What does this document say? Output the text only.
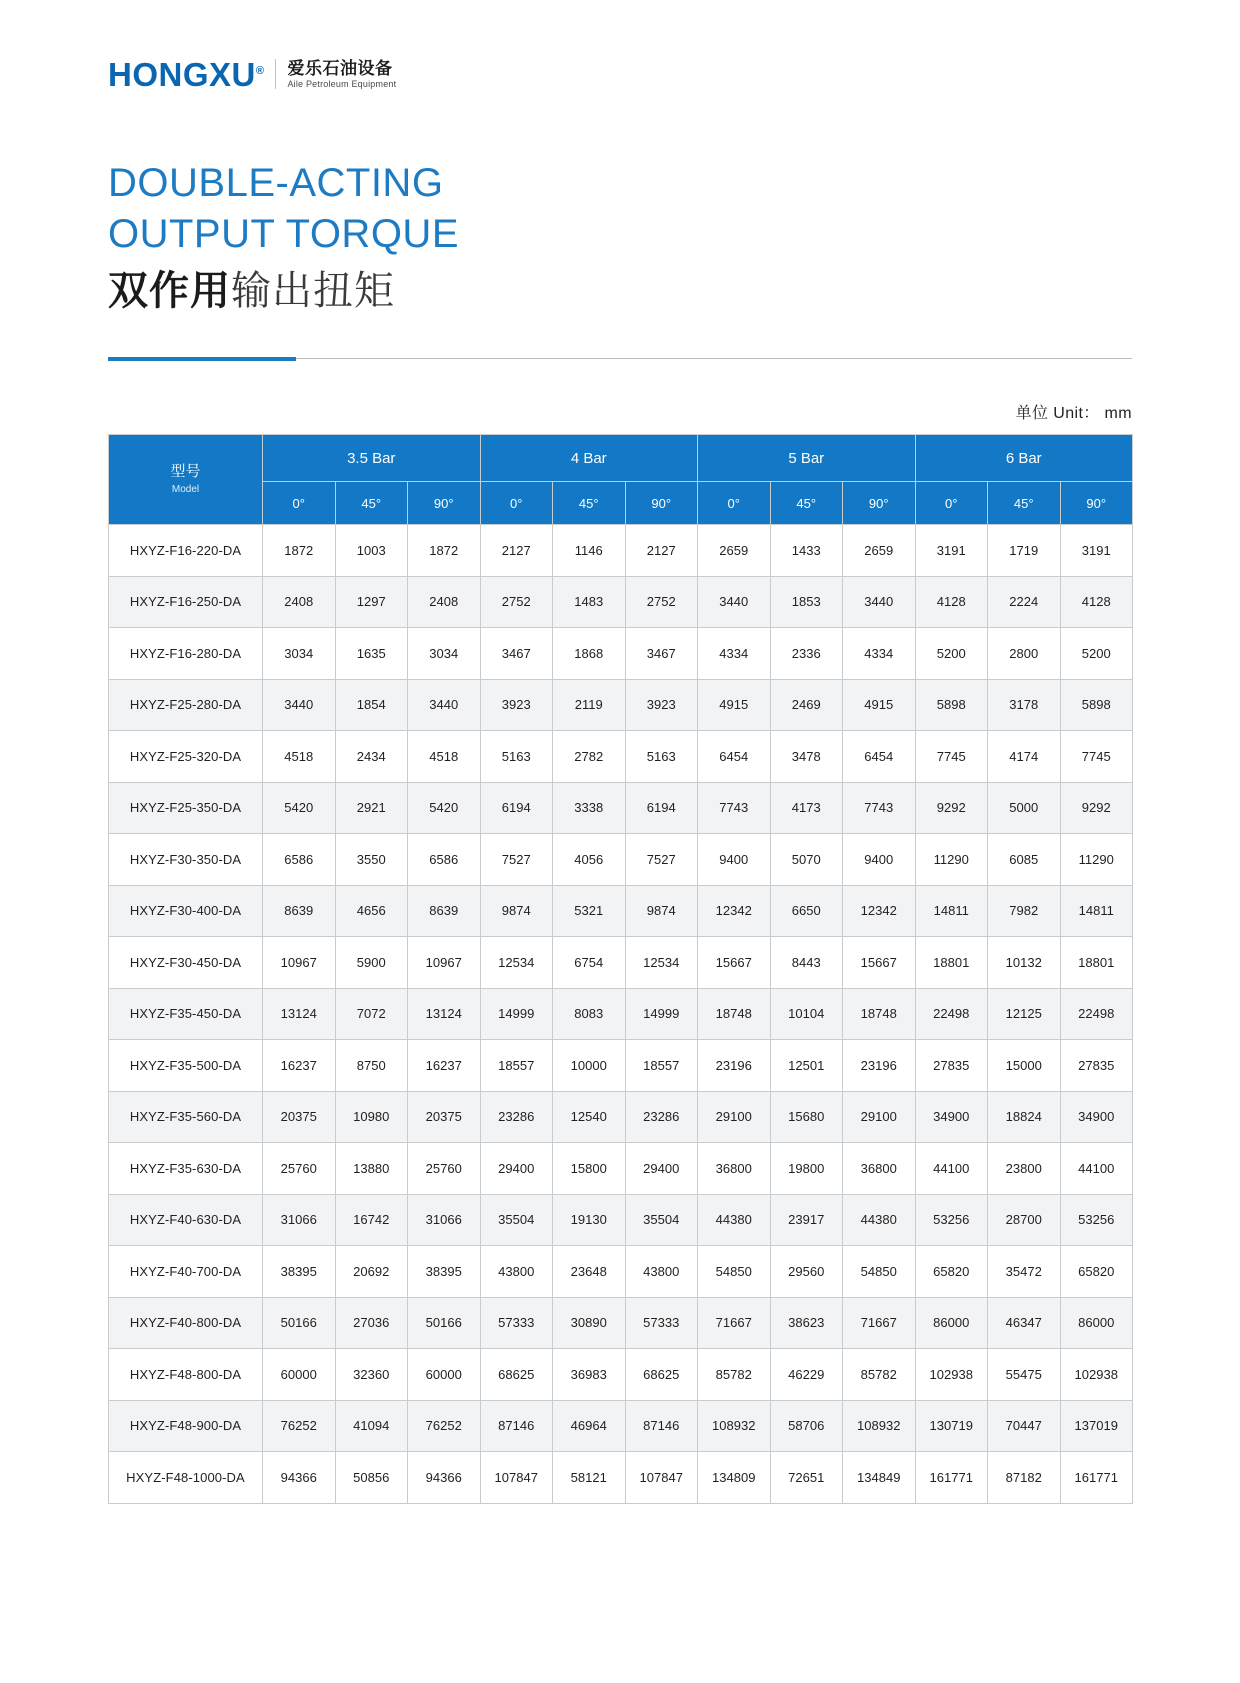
HONGXU® 爱乐石油设备
Aile Petroleum Equipment
DOUBLE-ACTING
OUTPUT TORQUE
双作用输出扭矩
单位 Unit： mm
型号
Model	3.5 Bar			4 Bar			5 Bar			6 Bar		
	0°	45°	90°	0°	45°	90°	0°	45°	90°	0°	45°	90°
HXYZ-F16-220-DA	1872	1003	1872	2127	1146	2127	2659	1433	2659	3191	1719	3191
HXYZ-F16-250-DA	2408	1297	2408	2752	1483	2752	3440	1853	3440	4128	2224	4128
HXYZ-F16-280-DA	3034	1635	3034	3467	1868	3467	4334	2336	4334	5200	2800	5200
HXYZ-F25-280-DA	3440	1854	3440	3923	2119	3923	4915	2469	4915	5898	3178	5898
HXYZ-F25-320-DA	4518	2434	4518	5163	2782	5163	6454	3478	6454	7745	4174	7745
HXYZ-F25-350-DA	5420	2921	5420	6194	3338	6194	7743	4173	7743	9292	5000	9292
HXYZ-F30-350-DA	6586	3550	6586	7527	4056	7527	9400	5070	9400	11290	6085	11290
HXYZ-F30-400-DA	8639	4656	8639	9874	5321	9874	12342	6650	12342	14811	7982	14811
HXYZ-F30-450-DA	10967	5900	10967	12534	6754	12534	15667	8443	15667	18801	10132	18801
HXYZ-F35-450-DA	13124	7072	13124	14999	8083	14999	18748	10104	18748	22498	12125	22498
HXYZ-F35-500-DA	16237	8750	16237	18557	10000	18557	23196	12501	23196	27835	15000	27835
HXYZ-F35-560-DA	20375	10980	20375	23286	12540	23286	29100	15680	29100	34900	18824	34900
HXYZ-F35-630-DA	25760	13880	25760	29400	15800	29400	36800	19800	36800	44100	23800	44100
HXYZ-F40-630-DA	31066	16742	31066	35504	19130	35504	44380	23917	44380	53256	28700	53256
HXYZ-F40-700-DA	38395	20692	38395	43800	23648	43800	54850	29560	54850	65820	35472	65820
HXYZ-F40-800-DA	50166	27036	50166	57333	30890	57333	71667	38623	71667	86000	46347	86000
HXYZ-F48-800-DA	60000	32360	60000	68625	36983	68625	85782	46229	85782	102938	55475	102938
HXYZ-F48-900-DA	76252	41094	76252	87146	46964	87146	108932	58706	108932	130719	70447	137019
HXYZ-F48-1000-DA	94366	50856	94366	107847	58121	107847	134809	72651	134849	161771	87182	161771
